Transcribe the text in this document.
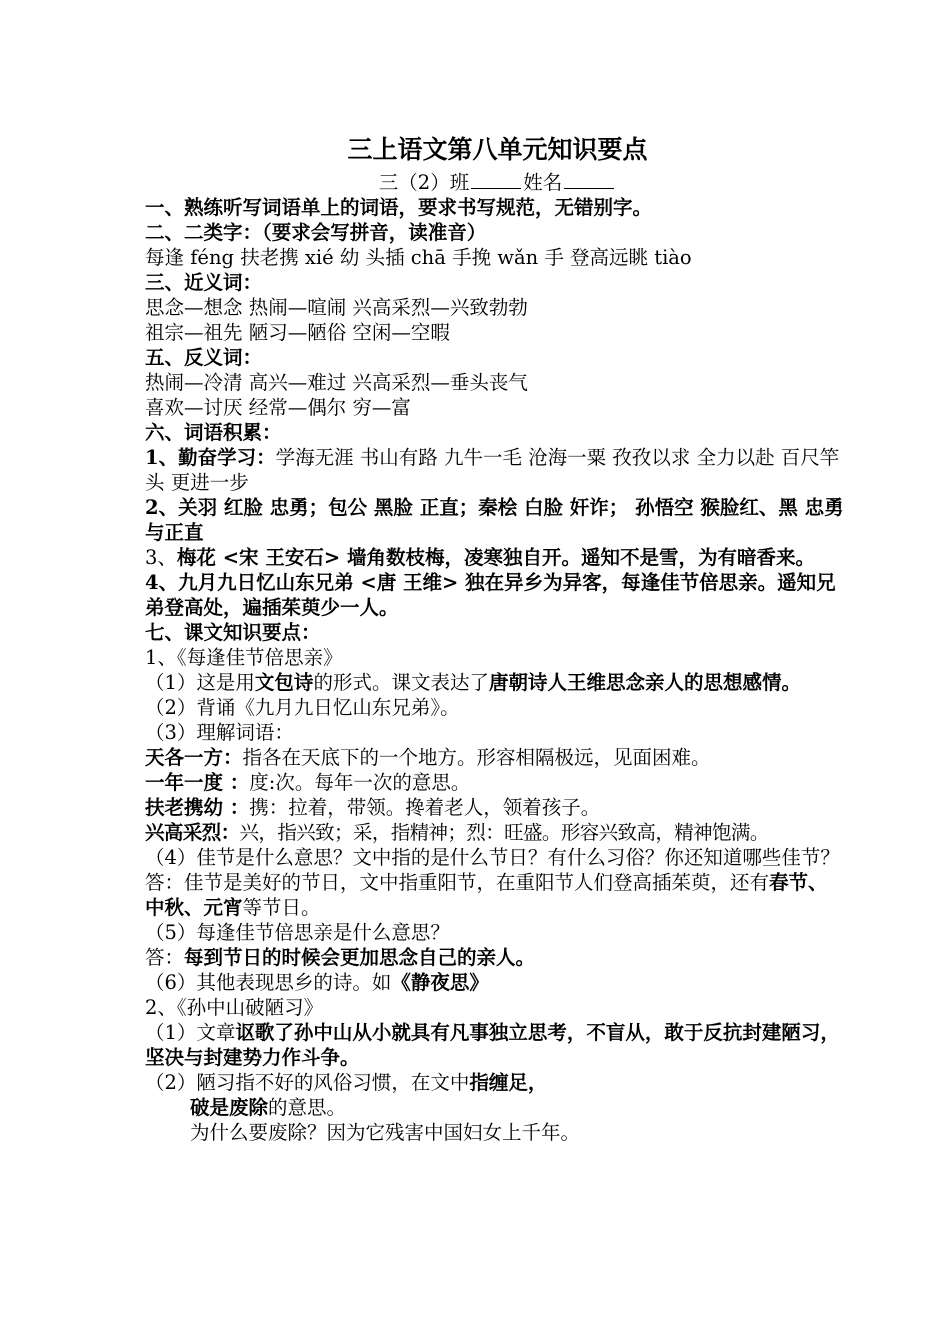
三上语文第八单元知识要点
三（2）班	姓名
一、熟练听写词语单上的词语，要求书写规范，无错别字。
二、二类字：（要求会写拼音，读准音）
每逢 féng 扶老携 xié 幼 头插 chā 手挽 wǎn 手 登高远眺 tiào
三、近义词：
思念—想念 热闹—喧闹 兴高采烈—兴致勃勃
祖宗—祖先 陋习—陋俗 空闲—空暇
五、反义词：
热闹—冷清 高兴—难过 兴高采烈—垂头丧气
喜欢—讨厌 经常—偶尔 穷—富
六、词语积累：
1、勤奋学习：学海无涯 书山有路 九牛一毛 沧海一粟 孜孜以求 全力以赴 百尺竿头 更进一步
2、关羽 红脸 忠勇；包公 黑脸 正直；秦桧 白脸 奸诈； 孙悟空 猴脸红、黑 忠勇与正直
3、梅花 <宋 王安石> 墙角数枝梅，凌寒独自开。遥知不是雪，为有暗香来。
4、九月九日忆山东兄弟 <唐 王维> 独在异乡为异客，每逢佳节倍思亲。遥知兄弟登高处，遍插茱萸少一人。
七、课文知识要点：
1、《每逢佳节倍思亲》
（1）这是用文包诗的形式。课文表达了唐朝诗人王维思念亲人的思想感情。
（2）背诵《九月九日忆山东兄弟》。
（3）理解词语：
天各一方：指各在天底下的一个地方。形容相隔极远，见面困难。
一年一度 ：度:次。每年一次的意思。
扶老携幼 ：携：拉着，带领。搀着老人，领着孩子。
兴高采烈：兴，指兴致；采，指精神；烈：旺盛。形容兴致高，精神饱满。
（4）佳节是什么意思？文中指的是什么节日？有什么习俗？你还知道哪些佳节？
答：佳节是美好的节日，文中指重阳节，在重阳节人们登高插茱萸，还有春节、 中秋、元宵等节日。
（5）每逢佳节倍思亲是什么意思？
答：每到节日的时候会更加思念自己的亲人。
（6）其他表现思乡的诗。如《静夜思》
2、《孙中山破陋习》
（1）文章讴歌了孙中山从小就具有凡事独立思考，不盲从，敢于反抗封建陋习，坚决与封建势力作斗争。
（2）陋习指不好的风俗习惯，在文中指缠足，
破是废除的意思。
为什么要废除？因为它残害中国妇女上千年。
